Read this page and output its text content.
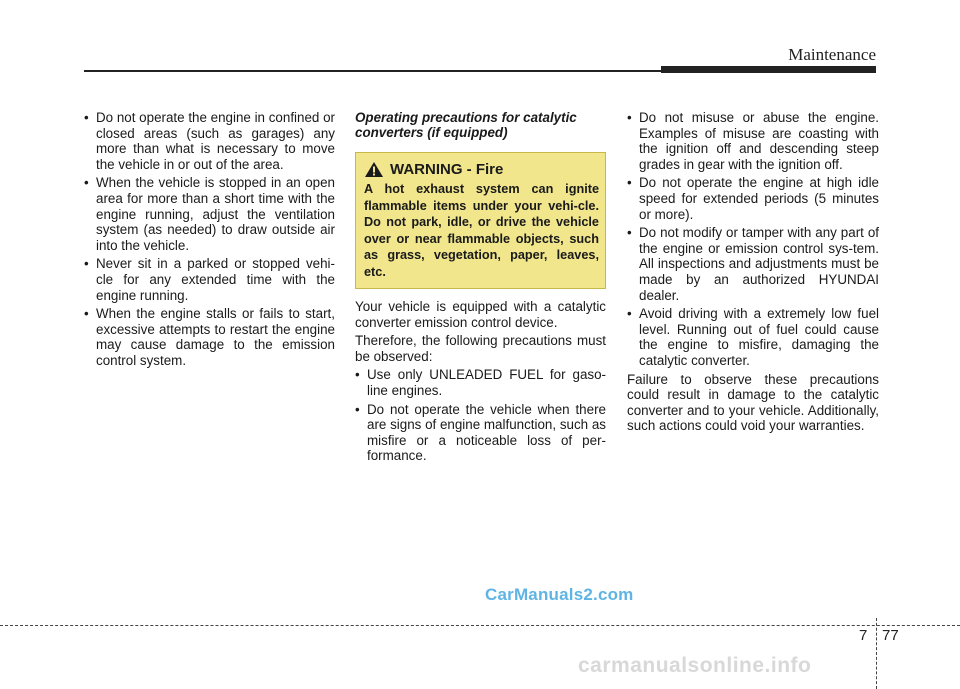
Maintenance
• Do not operate the engine in confined or closed areas (such as garages) any more than what is necessary to move the vehicle in or out of the area.
• When the vehicle is stopped in an open area for more than a short time with the engine running, adjust the ventilation system (as needed) to draw outside air into the vehicle.
• Never sit in a parked or stopped vehi-cle for any extended time with the engine running.
• When the engine stalls or fails to start, excessive attempts to restart the engine may cause damage to the emission control system.
Operating precautions for catalytic converters (if equipped)
WARNING - Fire
A hot exhaust system can ignite flammable items under your vehi-cle. Do not park, idle, or drive the vehicle over or near flammable objects, such as grass, vegetation, paper, leaves, etc.

Your vehicle is equipped with a catalytic converter emission control device.

Therefore, the following precautions must be observed:

• Use only UNLEADED FUEL for gaso-line engines.
• Do not operate the vehicle when there are signs of engine malfunction, such as misfire or a noticeable loss of per-formance.
• Do not misuse or abuse the engine. Examples of misuse are coasting with the ignition off and descending steep grades in gear with the ignition off.
• Do not operate the engine at high idle speed for extended periods (5 minutes or more).
• Do not modify or tamper with any part of the engine or emission control sys-tem. All inspections and adjustments must be made by an authorized HYUNDAI dealer.
• Avoid driving with a extremely low fuel level. Running out of fuel could cause the engine to misfire, damaging the catalytic converter.

Failure to observe these precautions could result in damage to the catalytic converter and to your vehicle. Additionally, such actions could void your warranties.

CarManuals2.com
7 77
carmanualsonline.info
